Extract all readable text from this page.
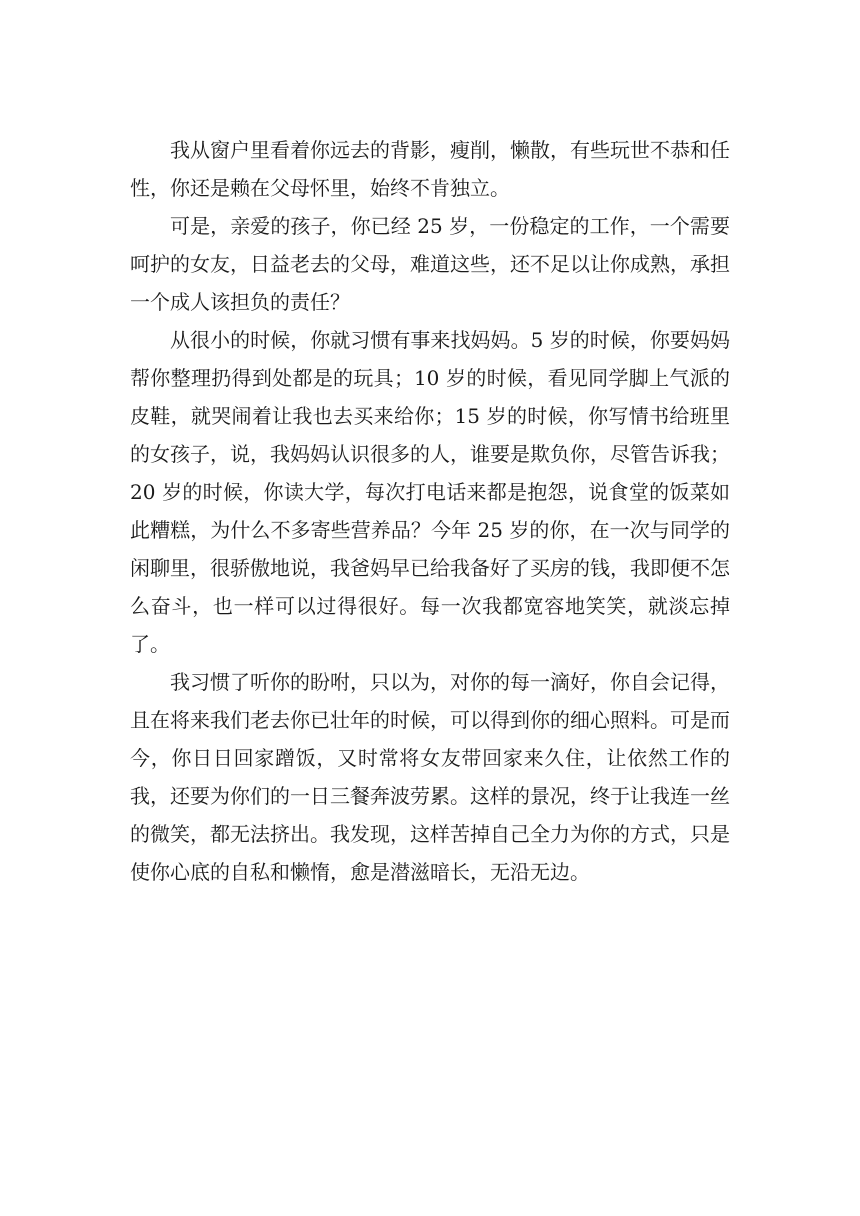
我从窗户里看着你远去的背影，瘦削，懒散，有些玩世不恭和任性，你还是赖在父母怀里，始终不肯独立。

可是，亲爱的孩子，你已经 25 岁，一份稳定的工作，一个需要呵护的女友，日益老去的父母，难道这些，还不足以让你成熟，承担一个成人该担负的责任？

从很小的时候，你就习惯有事来找妈妈。5 岁的时候，你要妈妈帮你整理扔得到处都是的玩具；10 岁的时候，看见同学脚上气派的皮鞋，就哭闹着让我也去买来给你；15 岁的时候，你写情书给班里的女孩子，说，我妈妈认识很多的人，谁要是欺负你，尽管告诉我；20 岁的时候，你读大学，每次打电话来都是抱怨，说食堂的饭菜如此糟糕，为什么不多寄些营养品？今年 25 岁的你，在一次与同学的闲聊里，很骄傲地说，我爸妈早已给我备好了买房的钱，我即便不怎么奋斗，也一样可以过得很好。每一次我都宽容地笑笑，就淡忘掉了。

我习惯了听你的盼咐，只以为，对你的每一滴好，你自会记得，且在将来我们老去你已壮年的时候，可以得到你的细心照料。可是而今，你日日回家蹭饭，又时常将女友带回家来久住，让依然工作的我，还要为你们的一日三餐奔波劳累。这样的景况，终于让我连一丝的微笑，都无法挤出。我发现，这样苦掉自己全力为你的方式，只是使你心底的自私和懒惰，愈是潜滋暗长，无沿无边。
